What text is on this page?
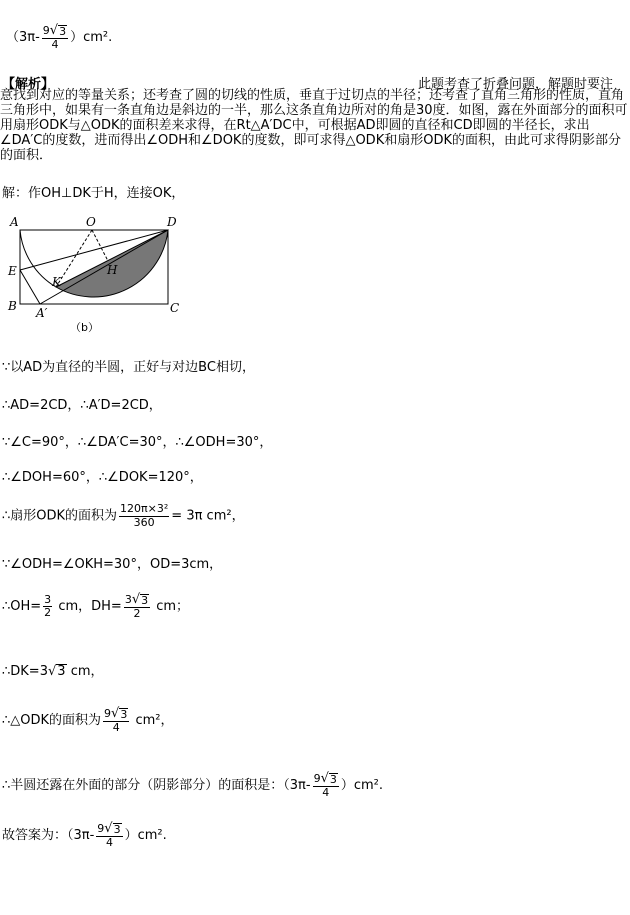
$(3\pi- \frac{9 √ 3}{4} )cm^2$.
【解析】	此题考查了折叠问题，解题时要注
意找到对应的等量关系；还考查了圆的切线的性质，垂直于过切点的半径；还考查了直角三角形的性质，直角三角形中，如果有一条直角边是斜边的一半，那么这条直角边所对的角是30度．如图，露在外面部分的面积可用扇形ODK与△ODK的面积差来求得，在Rt△A′DC中，可根据AD即圆的直径和CD即圆的半径长，求出∠DA′C的度数，进而得出∠ODH和∠DOK的度数，即可求得△ODK和扇形ODK的面积，由此可求得阴影部分的面积．
解：作OH⊥DK于H，连接OK，
A	O	D
E	H
K
B A′	C
（b）
∵以AD为直径的半圆，正好与对边BC相切，
∴AD=2CD，∴A′D=2CD，
∵∠C=90°，∴∠DA′C=30°，∴∠ODH=30°，
∴∠DOH=60°，∴∠DOK=120°，
∴扇形ODK的面积为 $\frac{\text{120π×3²}}{360} = 3\pi$ cm²，
∵∠ODH=∠OKH=30°，OD=3cm，
∴OH= $\frac{3}{2}$ cm，$DH= \frac{3 √ 3}{2}$ cm；
∴DK=3 √ 3 cm，
∴△ODK的面积为 $\frac{9 √ 3}{4} cm^2$，
∴半圆还露在外面的部分（阴影部分）的面积是：$(3\pi- \frac{9 √ 3}{4} )cm^2$.
故答案为：$(3\pi- \frac{9 √ 3}{4} )cm^2$.
